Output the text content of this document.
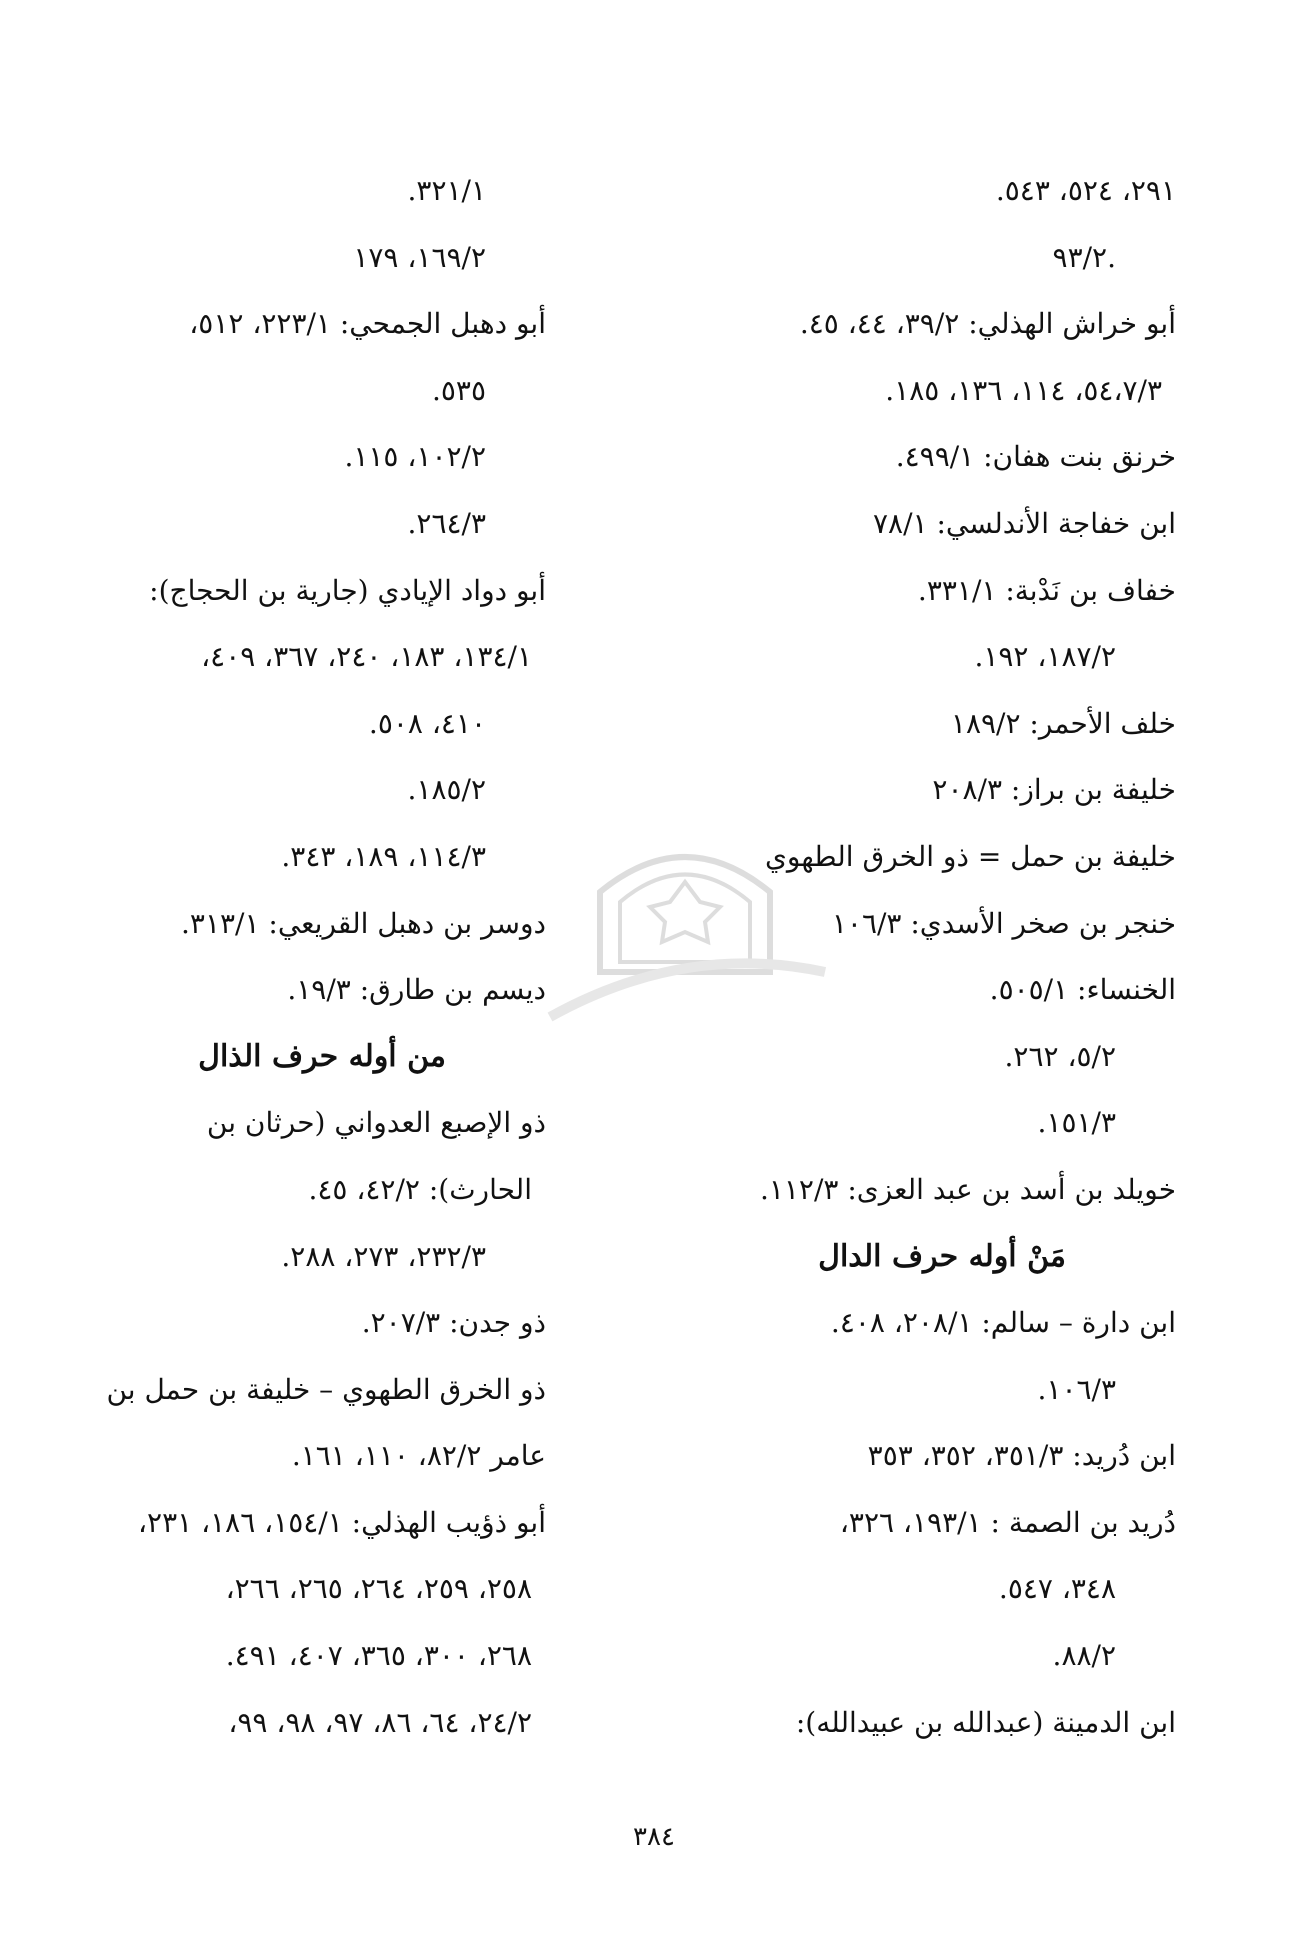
٢٩١، ٥٢٤، ٥٤٣.
.٩٣/٢
أبو خراش الهذلي: ٣٩/٢، ٤٤، ٤٥.
٥٤،٧/٣، ١١٤، ١٣٦، ١٨٥.
خرنق بنت هفان: ٤٩٩/١.
ابن خفاجة الأندلسي: ٧٨/١
خفاف بن نَدْبة: ٣٣١/١.
١٨٧/٢، ١٩٢.
خلف الأحمر: ١٨٩/٢
خليفة بن براز: ٢٠٨/٣
خليفة بن حمل = ذو الخرق الطهوي
خنجر بن صخر الأسدي: ١٠٦/٣
الخنساء: ٥٠٥/١.
٥/٢، ٢٦٢.
١٥١/٣.
خويلد بن أسد بن عبد العزى: ١١٢/٣.
مَنْ أوله حرف الدال
ابن دارة – سالم: ٢٠٨/١، ٤٠٨.
١٠٦/٣.
ابن دُريد: ٣٥١/٣، ٣٥٢، ٣٥٣
دُريد بن الصمة : ١٩٣/١، ٣٢٦،
٣٤٨، ٥٤٧.
٨٨/٢.
ابن الدمينة (عبدالله بن عبيدالله):
٣٢١/١.
١٦٩/٢، ١٧٩
أبو دهبل الجمحي: ٢٢٣/١، ٥١٢،
٥٣٥.
١٠٢/٢، ١١٥.
٢٦٤/٣.
أبو دواد الإيادي (جارية بن الحجاج):
١٣٤/١، ١٨٣، ٢٤٠، ٣٦٧، ٤٠٩،
٤١٠، ٥٠٨.
١٨٥/٢.
١١٤/٣، ١٨٩، ٣٤٣.
دوسر بن دهبل القريعي: ٣١٣/١.
ديسم بن طارق: ١٩/٣.
من أوله حرف الذال
ذو الإصبع العدواني (حرثان بن
الحارث): ٤٢/٢، ٤٥.
٢٣٢/٣، ٢٧٣، ٢٨٨.
ذو جدن: ٢٠٧/٣.
ذو الخرق الطهوي – خليفة بن حمل بن
عامر ٨٢/٢، ١١٠، ١٦١.
أبو ذؤيب الهذلي: ١٥٤/١، ١٨٦، ٢٣١،
٢٥٨، ٢٥٩، ٢٦٤، ٢٦٥، ٢٦٦،
٢٦٨، ٣٠٠، ٣٦٥، ٤٠٧، ٤٩١.
٢٤/٢، ٦٤، ٨٦، ٩٧، ٩٨، ٩٩،
٣٨٤
